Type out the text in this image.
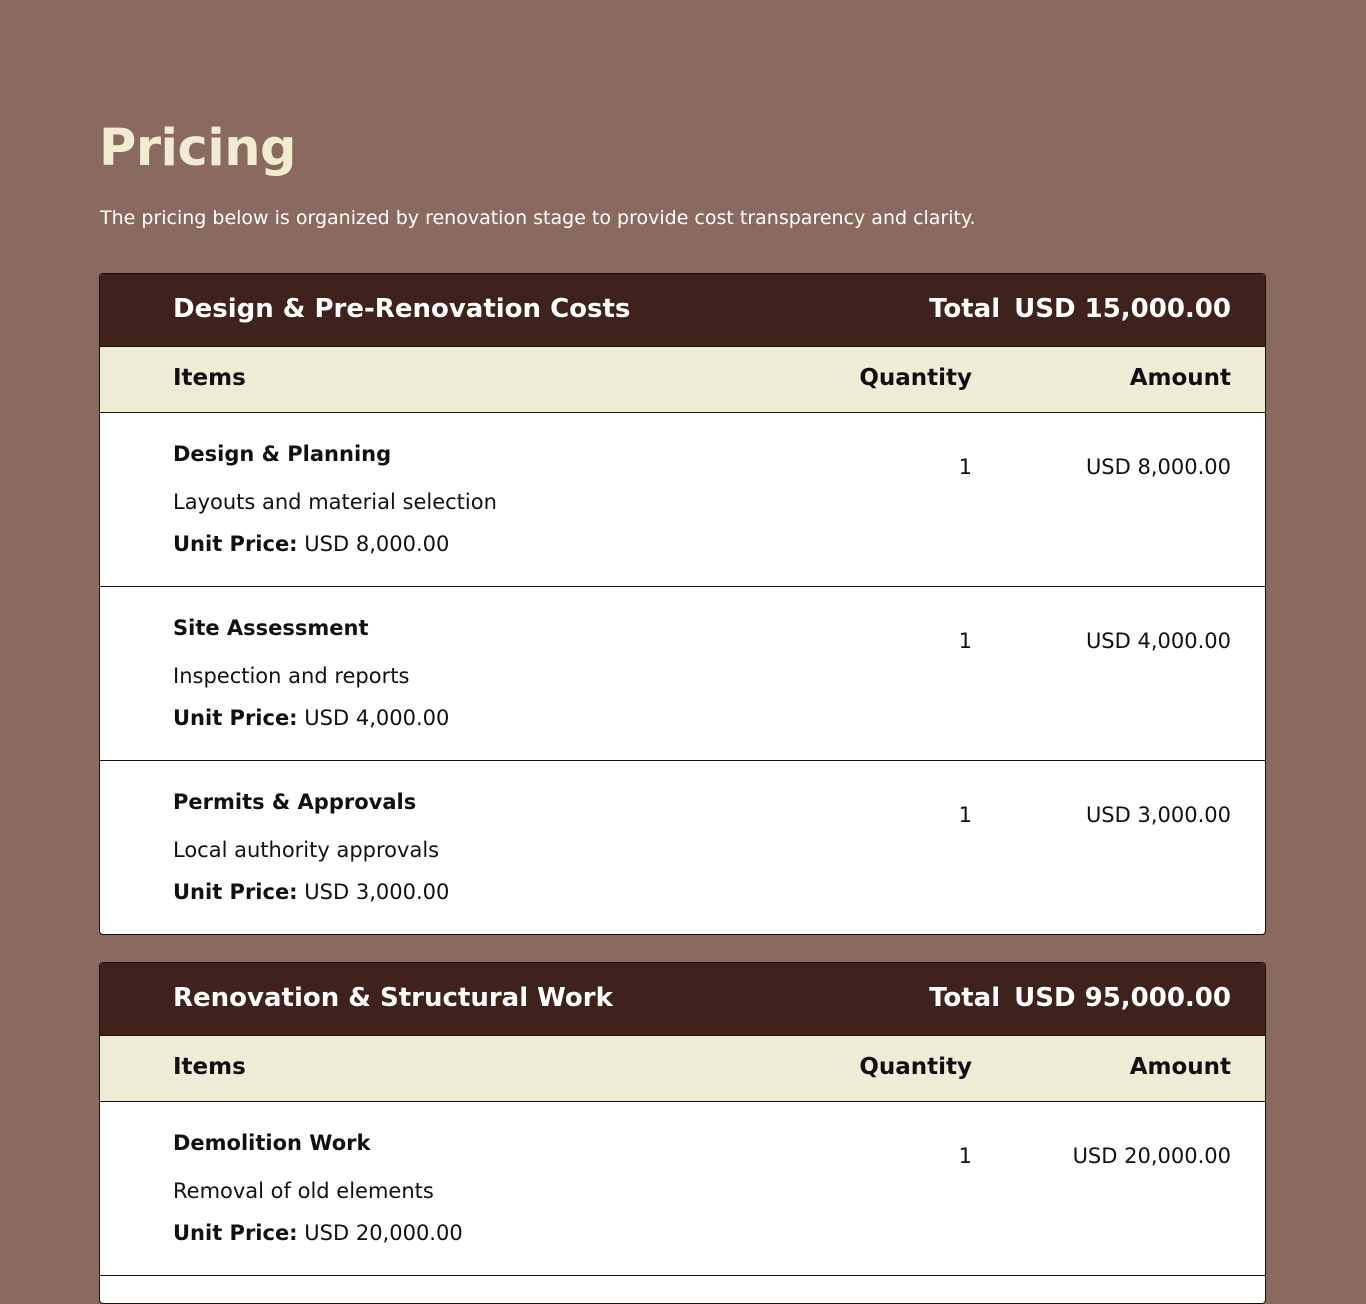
Pricing

The pricing below is organized by renovation stage to provide cost transparency and clarity.

Design & Pre-Renovation Costs	Total USD 15,000.00
Items	Quantity	Amount
Design & Planning
Layouts and material selection
Unit Price: USD 8,000.00
1	USD 8,000.00
Site Assessment
Inspection and reports
Unit Price: USD 4,000.00
1	USD 4,000.00
Permits & Approvals
Local authority approvals
Unit Price: USD 3,000.00
1	USD 3,000.00
Renovation & Structural Work	Total USD 95,000.00
Items	Quantity	Amount
Demolition Work
Removal of old elements
Unit Price: USD 20,000.00
1	USD 20,000.00
